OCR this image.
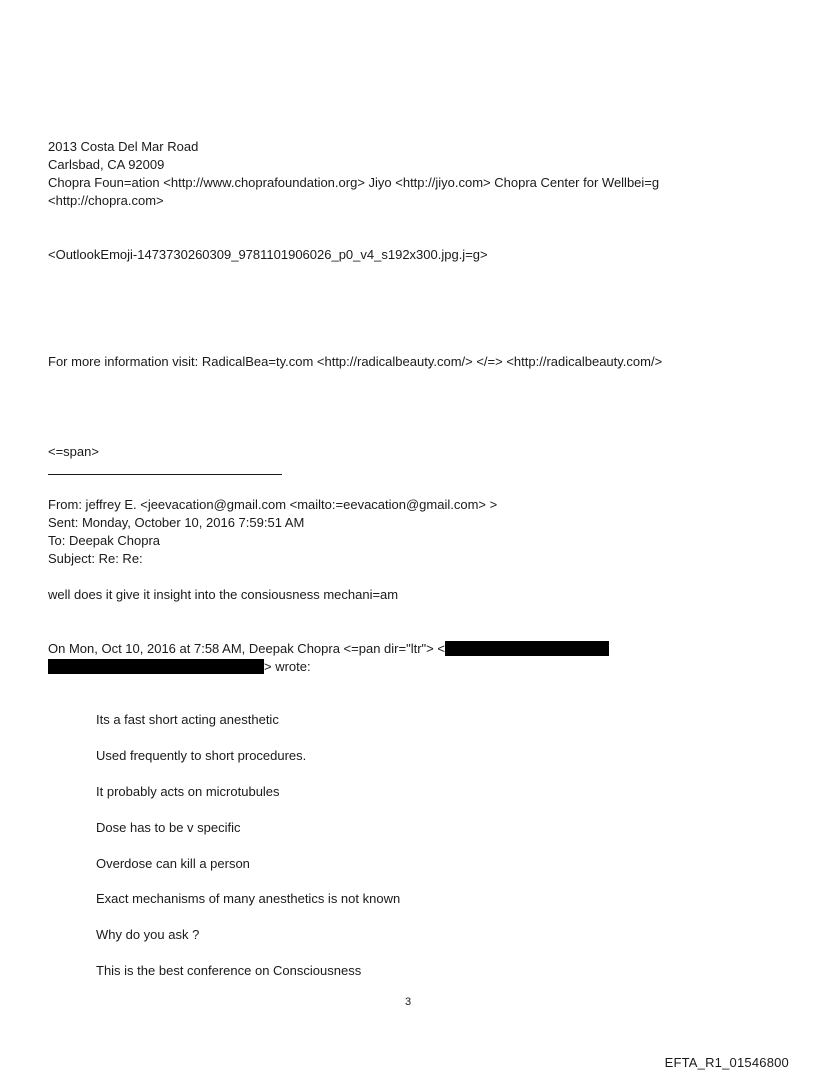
2013 Costa Del Mar Road
Carlsbad, CA 92009
Chopra Foun=ation <http://www.choprafoundation.org> Jiyo <http://jiyo.com> Chopra Center for Wellbei=g
<http://chopra.com>
<OutlookEmoji-1473730260309_9781101906026_p0_v4_s192x300.jpg.j=g>
For more information visit: RadicalBea=ty.com <http://radicalbeauty.com/> </=> <http://radicalbeauty.com/>
<=span>
From: jeffrey E. <jeevacation@gmail.com <mailto:=eevacation@gmail.com> >
Sent: Monday, October 10, 2016 7:59:51 AM
To: Deepak Chopra
Subject: Re: Re:
well does it give it insight into the consiousness mechani=am
On Mon, Oct 10, 2016 at 7:58 AM, Deepak Chopra <=pan dir="ltr"> <
> wrote:
Its a fast short acting anesthetic
Used frequently to short procedures.
It probably acts on microtubules
Dose has to be v specific
Overdose can kill a person
Exact mechanisms of many anesthetics is not known
Why do you ask ?
This is the best conference on Consciousness
3
EFTA_R1_01546800
